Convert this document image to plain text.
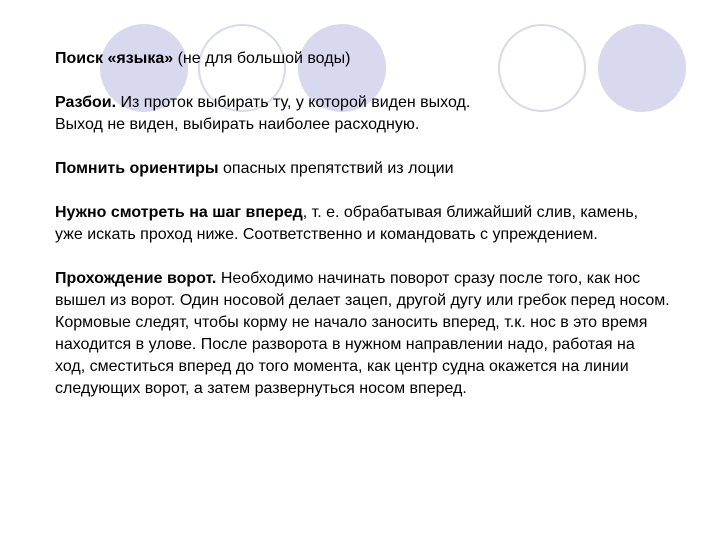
Поиск «языка» (не для большой воды)

Разбои. Из проток выбирать ту, у которой виден выход.
Выход не виден, выбирать наиболее расходную.

Помнить ориентиры опасных препятствий из лоции

Нужно смотреть на шаг вперед, т. е. обрабатывая ближайший слив, камень,
уже искать проход ниже. Соответственно и командовать с упреждением.

Прохождение ворот. Необходимо начинать поворот сразу после того, как нос вышел из ворот. Один носовой делает зацеп, другой дугу или гребок перед носом. Кормовые следят, чтобы корму не начало заносить вперед, т.к. нос в это время находится в улове. После разворота в нужном направлении надо, работая на
ход, сместиться вперед до того момента, как центр судна окажется на линии следующих ворот, а затем развернуться носом вперед.
